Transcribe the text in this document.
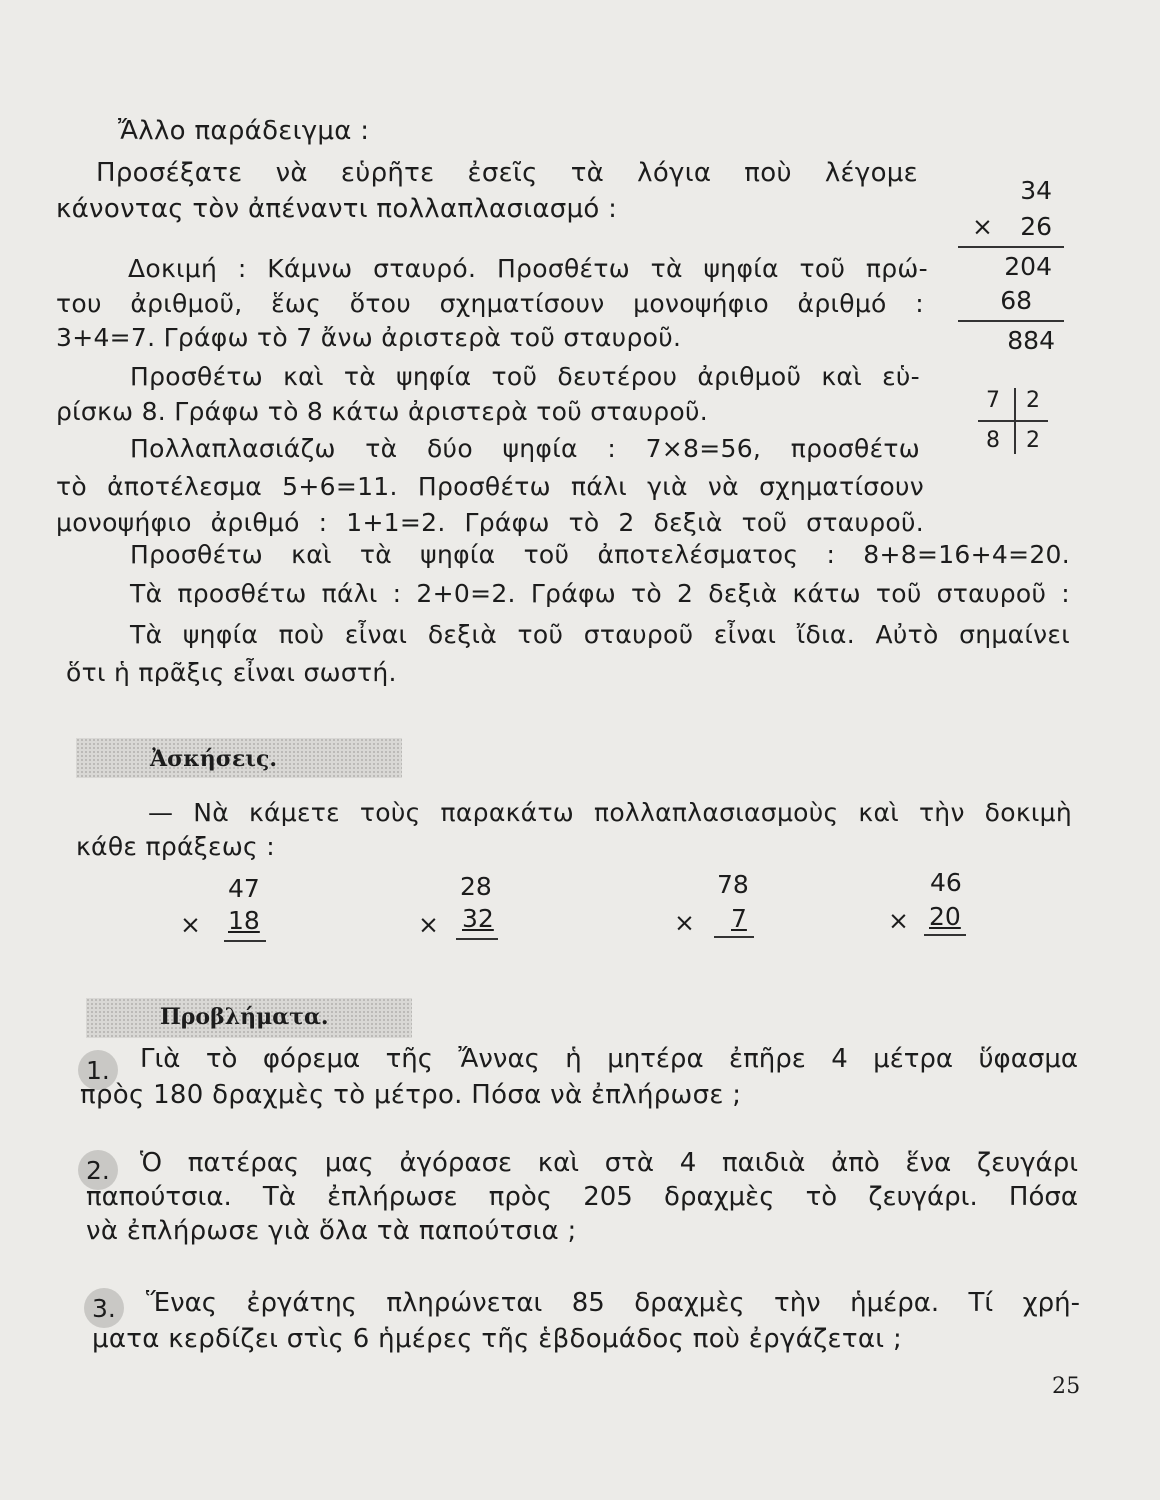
Ἄλλο παράδειγμα :
Προσέξατε νὰ εὑρῆτε ἐσεῖς τὰ λόγια ποὺ λέγομε
κάνοντας τὸν ἀπέναντι πολλαπλασιασμό :
Δοκιμή : Κάμνω σταυρό. Προσθέτω τὰ ψηφία τοῦ πρώ-
του ἀριθμοῦ, ἕως ὅτου σχηματίσουν μονοψήφιο ἀριθμό :
3+4=7. Γράφω τὸ 7 ἄνω ἀριστερὰ τοῦ σταυροῦ.
Προσθέτω καὶ τὰ ψηφία τοῦ δευτέρου ἀριθμοῦ καὶ εὑ-
ρίσκω 8. Γράφω τὸ 8 κάτω ἀριστερὰ τοῦ σταυροῦ.
Πολλαπλασιάζω τὰ δύο ψηφία : 7×8=56, προσθέτω
τὸ ἀποτέλεσμα 5+6=11. Προσθέτω πάλι γιὰ νὰ σχηματίσουν
μονοψήφιο ἀριθμό : 1+1=2. Γράφω τὸ 2 δεξιὰ τοῦ σταυροῦ.
Προσθέτω καὶ τὰ ψηφία τοῦ ἀποτελέσματος : 8+8=16+4=20.
Τὰ προσθέτω πάλι : 2+0=2. Γράφω τὸ 2 δεξιὰ κάτω τοῦ σταυροῦ :
Τὰ ψηφία ποὺ εἶναι δεξιὰ τοῦ σταυροῦ εἶναι ἴδια. Αὐτὸ σημαίνει
ὅτι ἡ πρᾶξις εἶναι σωστή.
34
×	26
204
68
884
7 2
8 2
Ἀσκήσεις.
— Νὰ κάμετε τοὺς παρακάτω πολλαπλασιασμοὺς καὶ τὴν δοκιμὴ
κάθε πράξεως :
47
× 18
28
× 32
78
× 7
46
× 20
Προβλήματα.
1. Γιὰ τὸ φόρεμα τῆς Ἄννας ἡ μητέρα ἐπῆρε 4 μέτρα ὕφασμα
πρὸς 180 δραχμὲς τὸ μέτρο. Πόσα νὰ ἐπλήρωσε ;
2. Ὁ πατέρας μας ἀγόρασε καὶ στὰ 4 παιδιὰ ἀπὸ ἕνα ζευγάρι
παπούτσια. Τὰ ἐπλήρωσε πρὸς 205 δραχμὲς τὸ ζευγάρι. Πόσα
νὰ ἐπλήρωσε γιὰ ὅλα τὰ παπούτσια ;
3. Ἕνας ἐργάτης πληρώνεται 85 δραχμὲς τὴν ἡμέρα. Τί χρή-
ματα κερδίζει στὶς 6 ἡμέρες τῆς ἑβδομάδος ποὺ ἐργάζεται ;
25
